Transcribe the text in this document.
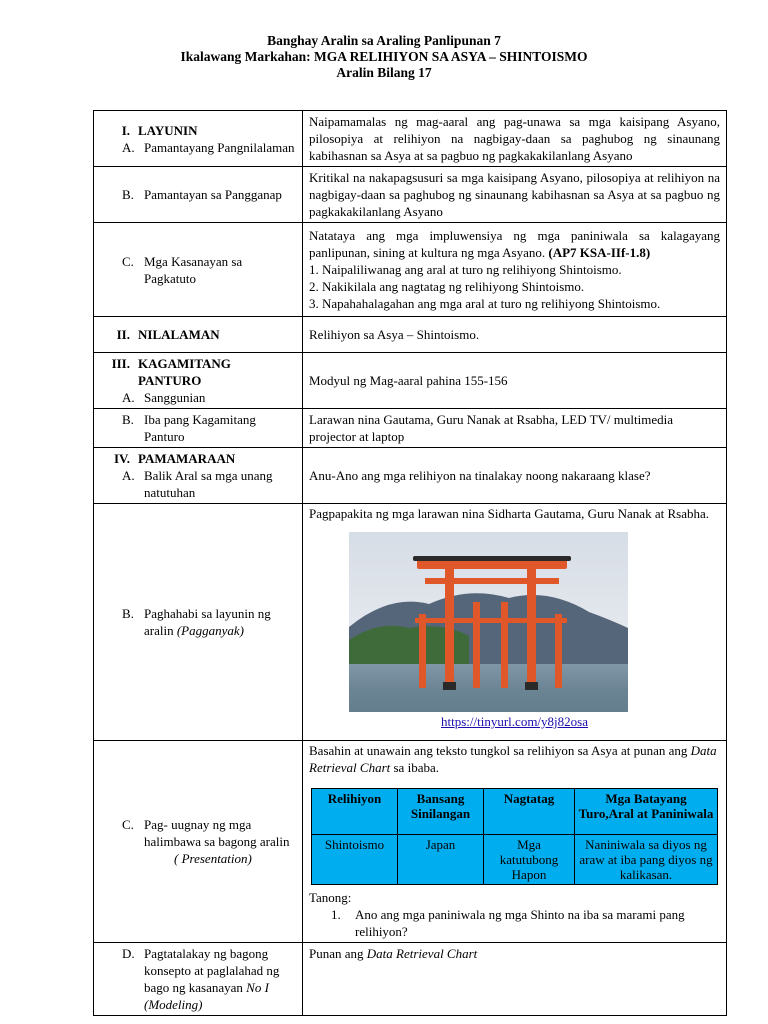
Banghay Aralin sa Araling Panlipunan 7
Ikalawang Markahan: MGA RELIHIYON SA ASYA – SHINTOISMO
Aralin Bilang 17
I. LAYUNIN
A. Pamantayang Pangnilalaman
	Naipamamalas ng mag-aaral ang pag-unawa sa mga kaisipang Asyano, pilosopiya at relihiyon na nagbigay-daan sa paghubog ng sinaunang kabihasnan sa Asya at sa pagbuo ng pagkakakilanlang Asyano

B. Pamantayan sa Pangganap
	Kritikal na nakapagsusuri sa mga kaisipang Asyano, pilosopiya at relihiyon na nagbigay-daan sa paghubog ng sinaunang kabihasnan sa Asya at sa pagbuo ng pagkakakilanlang Asyano

C. Mga Kasanayan sa Pagkatuto

Natataya ang mga impluwensiya ng mga paniniwala sa kalagayang panlipunan, sining at kultura ng mga Asyano. (AP7 KSA-IIf-1.8)
1. Naipaliliwanag ang aral at turo ng relihiyong Shintoismo.
2. Nakikilala ang nagtatag ng relihiyong Shintoismo.
3. Napahahalagahan ang mga aral at turo ng relihiyong Shintoismo.

II. NILALAMAN	Relihiyon sa Asya – Shintoismo.

III. KAGAMITANG PANTURO
A. Sanggunian
	Modyul ng Mag-aaral pahina 155-156

B. Iba pang Kagamitang Panturo
	Larawan nina Gautama, Guru Nanak at Rsabha, LED TV/ multimedia projector at laptop

IV. PAMAMARAAN
A. Balik Aral sa mga unang natutuhan
	Anu-Ano ang mga relihiyon na tinalakay noong nakaraang klase?

B. Paghahabi sa layunin ng aralin (Pagganyak)

Pagpapakita ng mga larawan nina Sidharta Gautama, Guru Nanak at Rsabha.
https://tinyurl.com/y8j82osa

C. Pag- uugnay ng mga halimbawa sa bagong aralin
( Presentation)

Basahin at unawain ang teksto tungkol sa relihiyon sa Asya at punan ang Data Retrieval Chart sa ibaba.
Relihiyon	Bansang Sinilangan	Nagtatag	Mga Batayang Turo,Aral at Paniniwala
Shintoismo	Japan	Mga katutubong Hapon	Naniniwala sa diyos ng araw at iba pang diyos ng kalikasan.
Tanong:
1.	Ano ang mga paniniwala ng mga Shinto na iba sa marami pang relihiyon?

D. Pagtatalakay ng bagong konsepto at paglalahad ng bago ng kasanayan No I (Modeling)
	Punan ang Data Retrieval Chart
